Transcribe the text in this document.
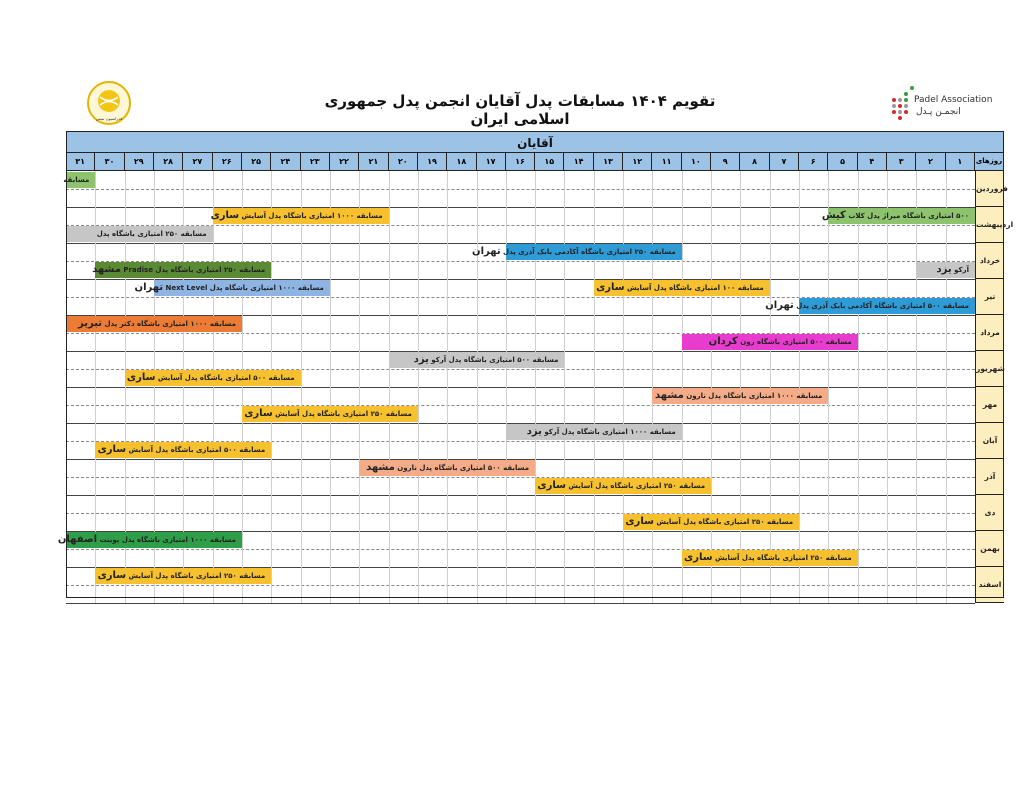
تقویم ۱۴۰۴ مسابقات پدل آقایان انجمن پدل جمهوری اسلامی ایران
فدراسیون تنیس
Padel Association
انجمـن پـدل
آقایان
روزهای
۱
۲
۳
۴
۵
۶
۷
۸
۹
۱۰
۱۱
۱۲
۱۳
۱۴
۱۵
۱۶
۱۷
۱۸
۱۹
۲۰
۲۱
۲۲
۲۳
۲۴
۲۵
۲۶
۲۷
۲۸
۲۹
۳۰
۳۱
فروردین
اردیبهشت
خرداد
تیر
مرداد
شهریور
مهر
آبان
آذر
دی
بهمن
اسفند
مسابقه
۵۰۰ امتیازی باشگاه میراژ پدل کلاب کیش
مسابقه ۱۰۰۰ امتیازی باشگاه پدل آسایش ساری
مسابقه ۲۵۰ امتیازی باشگاه پدل
مسابقه ۲۵۰ امتیازی باشگاه آکادمی بابک آذری پدل تهران
آرکو یزد
مسابقه ۲۵۰ امتیازی باشگاه پدل Pradise مشهد
مسابقه ۱۰۰ امتیازی باشگاه پدل آسایش ساری
مسابقه ۱۰۰۰ امتیازی باشگاه پدل Next Level تهران
مسابقه ۵۰۰ امتیازی باشگاه آکادمی بابک آذری پدل تهران
مسابقه ۱۰۰۰ امتیازی باشگاه دکتر پدل تبریز
مسابقه ۵۰۰ امتیازی باشگاه رون کردان
مسابقه ۵۰۰ امتیازی باشگاه پدل آرکو یزد
مسابقه ۵۰۰ امتیازی باشگاه پدل آسایش ساری
مسابقه ۱۰۰۰ امتیازی باشگاه پدل نارون مشهد
مسابقه ۲۵۰ امتیازی باشگاه پدل آسایش ساری
مسابقه ۱۰۰۰ امتیازی باشگاه پدل آرکو یزد
مسابقه ۵۰۰ امتیازی باشگاه پدل آسایش ساری
مسابقه ۵۰۰ امتیازی باشگاه پدل نارون مشهد
مسابقه ۲۵۰ امتیازی باشگاه پدل آسایش ساری
مسابقه ۲۵۰ امتیازی باشگاه پدل آسایش ساری
مسابقه ۱۰۰۰ امتیازی باشگاه پدل پوینت اصفهان
مسابقه ۲۵۰ امتیازی باشگاه پدل آسایش ساری
مسابقه ۲۵۰ امتیازی باشگاه پدل آسایش ساری
